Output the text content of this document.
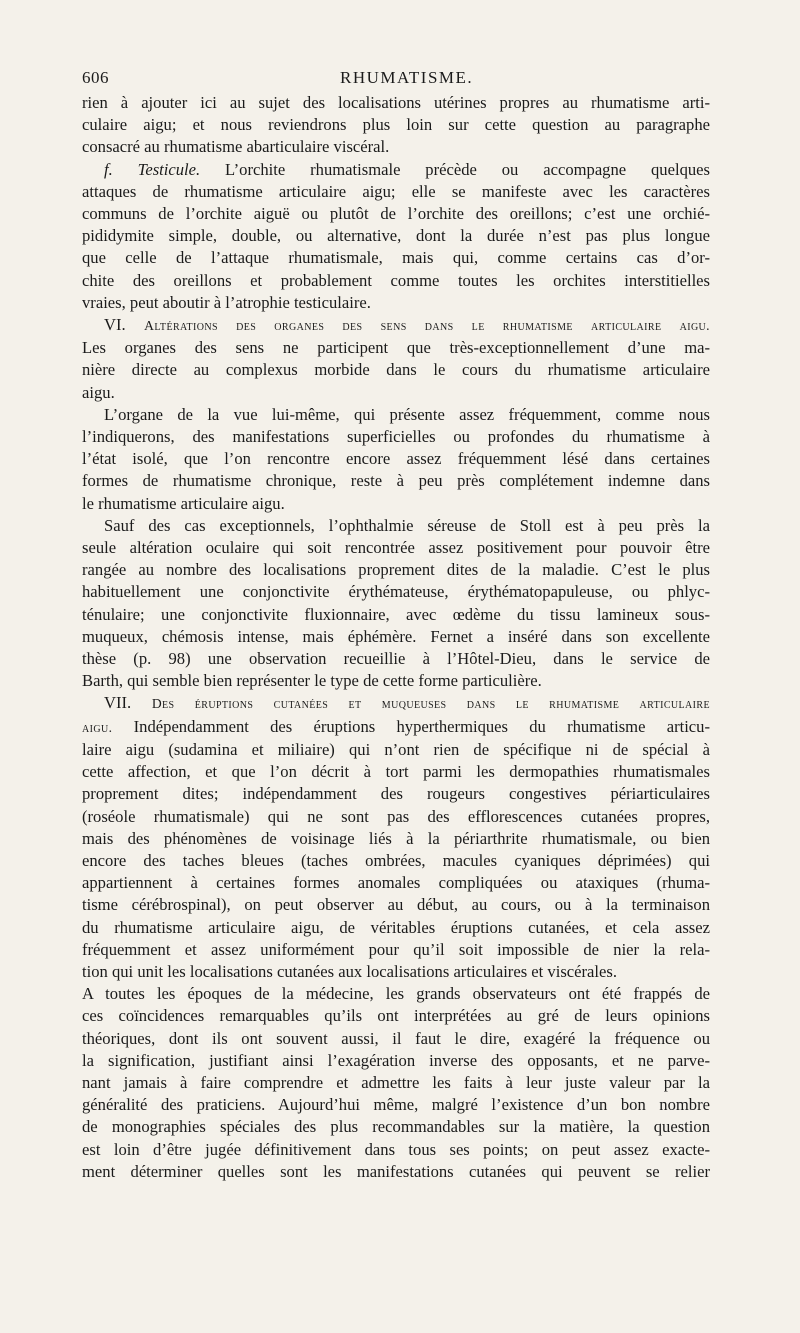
606	RHUMATISME.
rien à ajouter ici au sujet des localisations utérines propres au rhumatisme arti-
culaire aigu; et nous reviendrons plus loin sur cette question au paragraphe
consacré au rhumatisme abarticulaire viscéral.
f. Testicule. L’orchite rhumatismale précède ou accompagne quelques
attaques de rhumatisme articulaire aigu; elle se manifeste avec les caractères
communs de l’orchite aiguë ou plutôt de l’orchite des oreillons; c’est une orchié-
pididymite simple, double, ou alternative, dont la durée n’est pas plus longue
que celle de l’attaque rhumatismale, mais qui, comme certains cas d’or-
chite des oreillons et probablement comme toutes les orchites interstitielles
vraies, peut aboutir à l’atrophie testiculaire.
VI. Altérations des organes des sens dans le rhumatisme articulaire aigu.
Les organes des sens ne participent que très-exceptionnellement d’une ma-
nière directe au complexus morbide dans le cours du rhumatisme articulaire
aigu.
L’organe de la vue lui-même, qui présente assez fréquemment, comme nous
l’indiquerons, des manifestations superficielles ou profondes du rhumatisme à
l’état isolé, que l’on rencontre encore assez fréquemment lésé dans certaines
formes de rhumatisme chronique, reste à peu près complétement indemne dans
le rhumatisme articulaire aigu.
Sauf des cas exceptionnels, l’ophthalmie séreuse de Stoll est à peu près la
seule altération oculaire qui soit rencontrée assez positivement pour pouvoir être
rangée au nombre des localisations proprement dites de la maladie. C’est le plus
habituellement une conjonctivite érythémateuse, érythématopapuleuse, ou phlyc-
ténulaire; une conjonctivite fluxionnaire, avec œdème du tissu lamineux sous-
muqueux, chémosis intense, mais éphémère. Fernet a inséré dans son excellente
thèse (p. 98) une observation recueillie à l’Hôtel-Dieu, dans le service de
Barth, qui semble bien représenter le type de cette forme particulière.
VII. Des éruptions cutanées et muqueuses dans le rhumatisme articulaire
aigu. Indépendamment des éruptions hyperthermiques du rhumatisme articu-
laire aigu (sudamina et miliaire) qui n’ont rien de spécifique ni de spécial à
cette affection, et que l’on décrit à tort parmi les dermopathies rhumatismales
proprement dites; indépendamment des rougeurs congestives périarticulaires
(roséole rhumatismale) qui ne sont pas des efflorescences cutanées propres,
mais des phénomènes de voisinage liés à la périarthrite rhumatismale, ou bien
encore des taches bleues (taches ombrées, macules cyaniques déprimées) qui
appartiennent à certaines formes anomales compliquées ou ataxiques (rhuma-
tisme cérébrospinal), on peut observer au début, au cours, ou à la terminaison
du rhumatisme articulaire aigu, de véritables éruptions cutanées, et cela assez
fréquemment et assez uniformément pour qu’il soit impossible de nier la rela-
tion qui unit les localisations cutanées aux localisations articulaires et viscérales.
A toutes les époques de la médecine, les grands observateurs ont été frappés de
ces coïncidences remarquables qu’ils ont interprétées au gré de leurs opinions
théoriques, dont ils ont souvent aussi, il faut le dire, exagéré la fréquence ou
la signification, justifiant ainsi l’exagération inverse des opposants, et ne parve-
nant jamais à faire comprendre et admettre les faits à leur juste valeur par la
généralité des praticiens. Aujourd’hui même, malgré l’existence d’un bon nombre
de monographies spéciales des plus recommandables sur la matière, la question
est loin d’être jugée définitivement dans tous ses points; on peut assez exacte-
ment déterminer quelles sont les manifestations cutanées qui peuvent se relier
